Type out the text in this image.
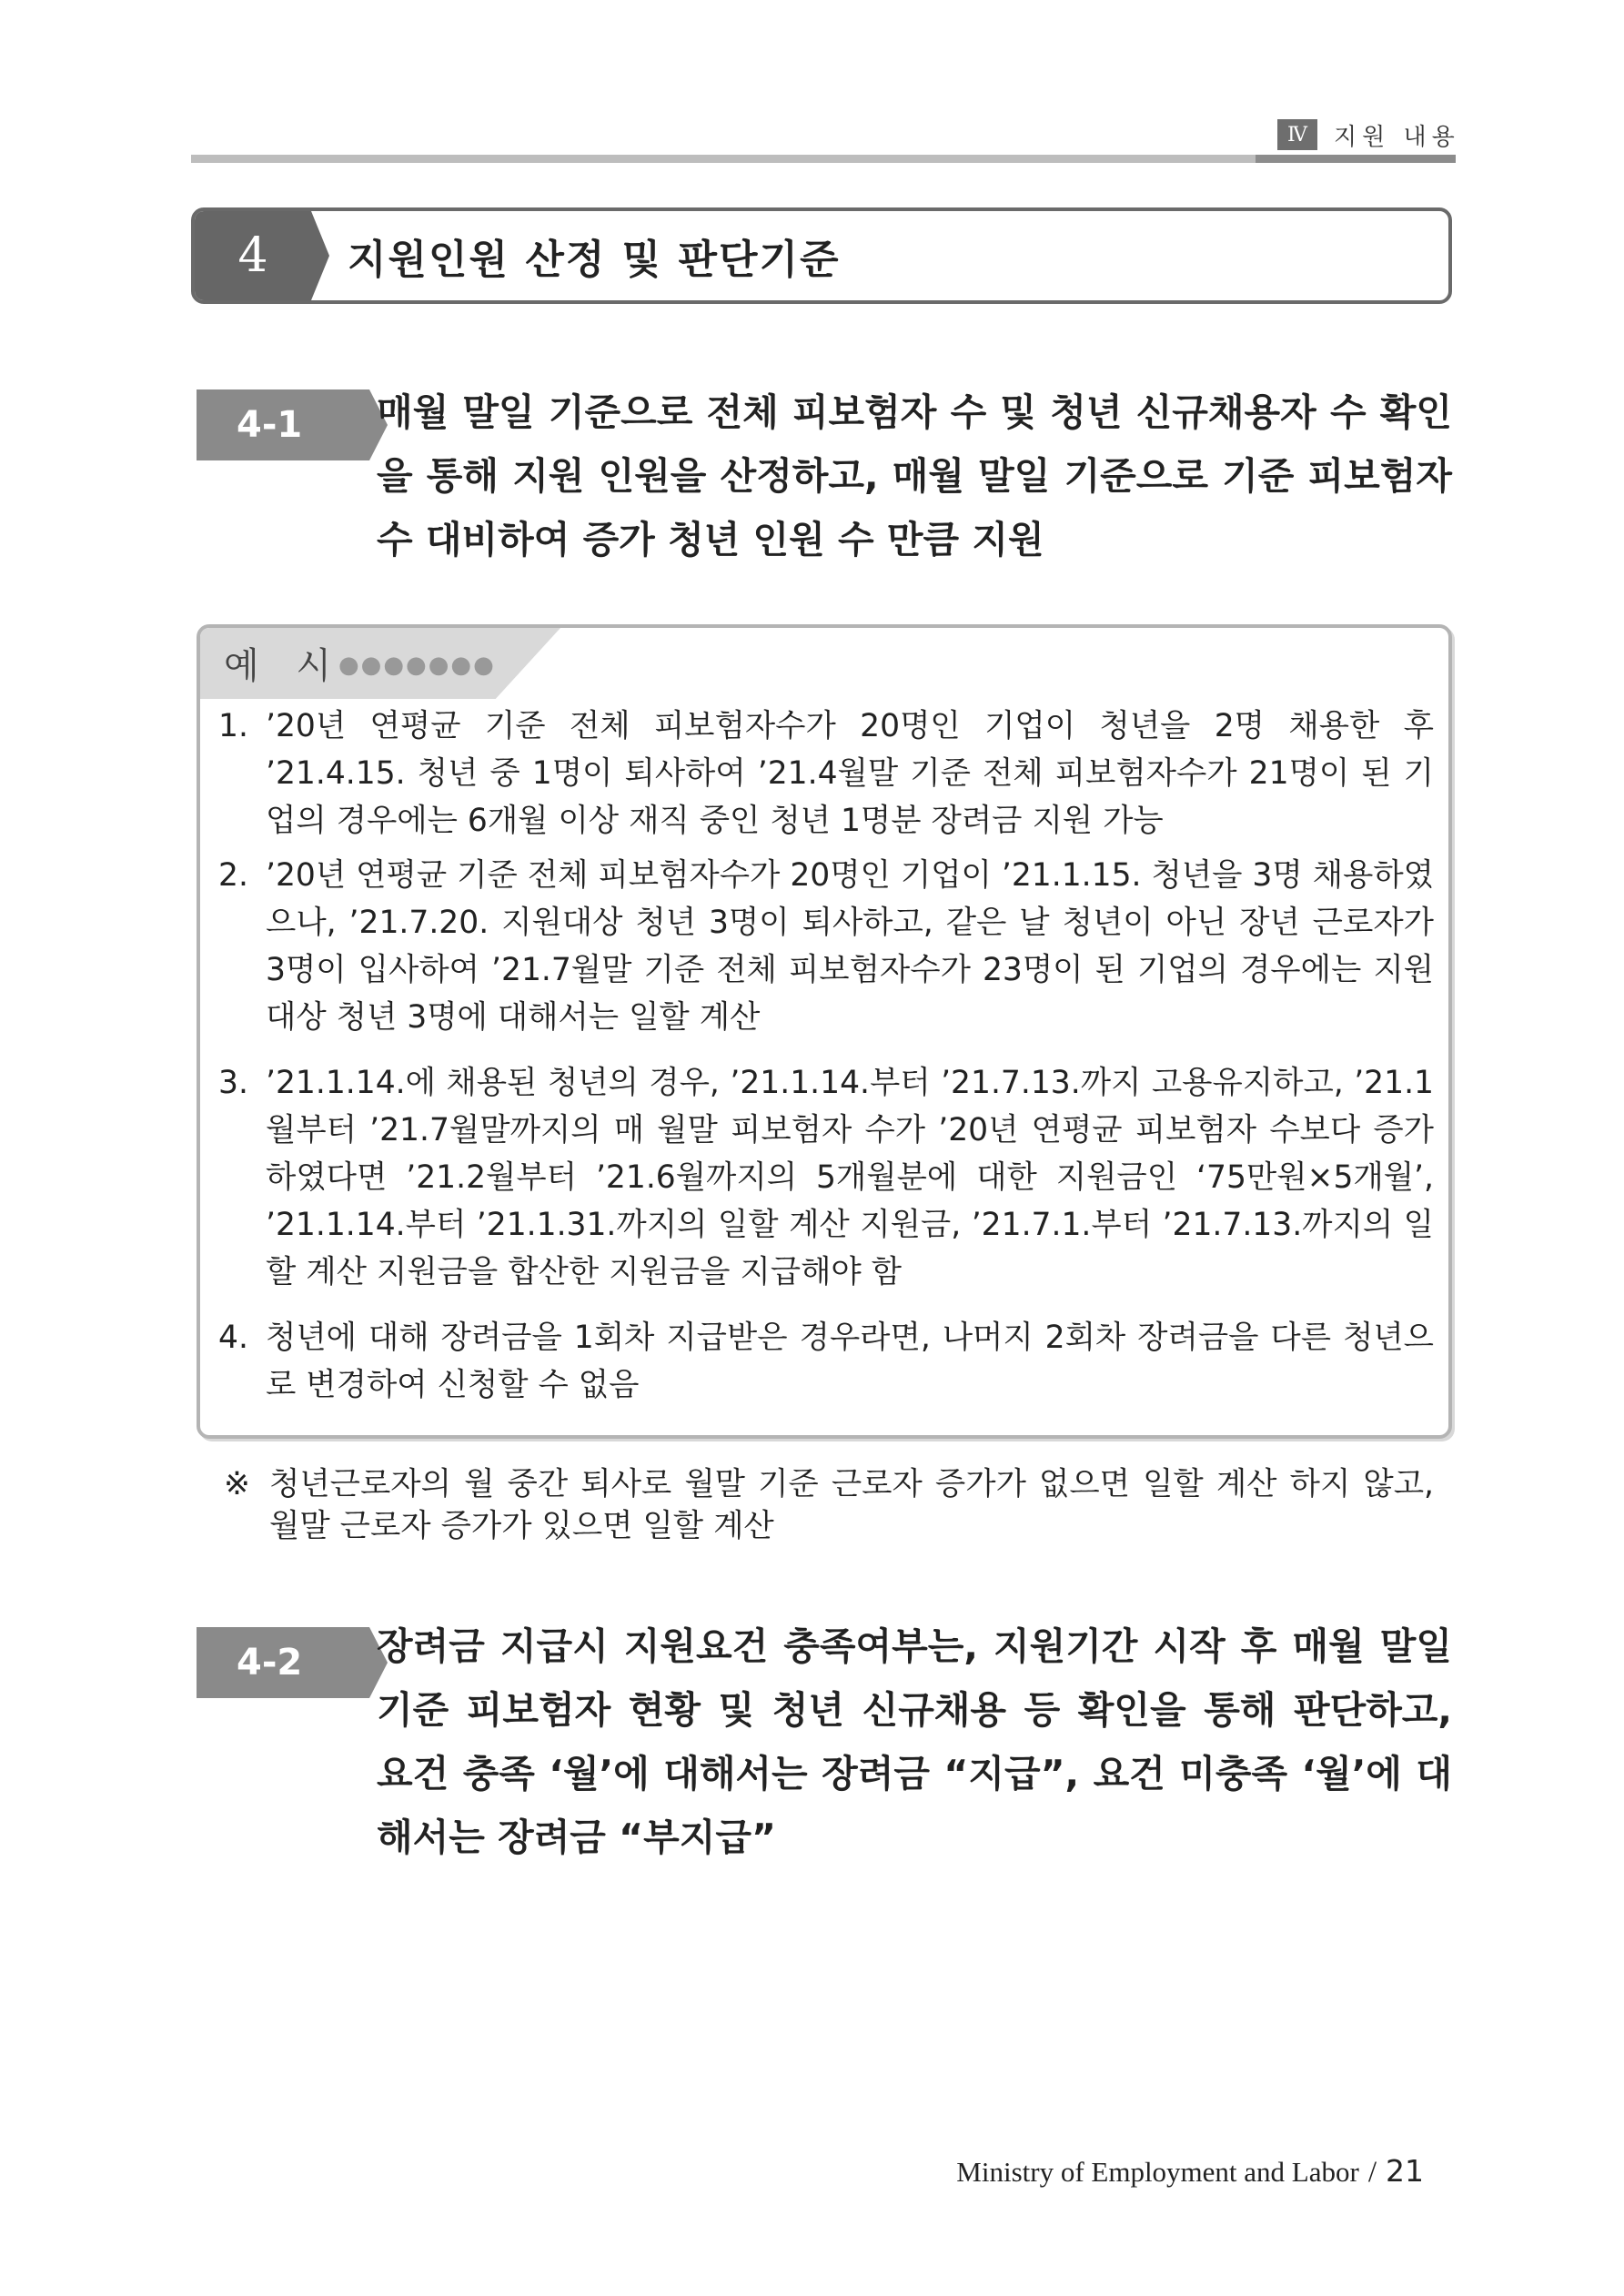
Ⅳ	지원 내용
4	지원인원 산정 및 판단기준
4-1	매월 말일 기준으로 전체 피보험자 수 및 청년 신규채용자 수 확인을 통해 지원 인원을 산정하고, 매월 말일 기준으로 기준 피보험자 수 대비하여 증가 청년 인원 수 만큼 지원
예 시
●●●●●●●
1. ’20년 연평균 기준 전체 피보험자수가 20명인 기업이 청년을 2명 채용한 후 ’21.4.15. 청년 중 1명이 퇴사하여 ’21.4월말 기준 전체 피보험자수가 21명이 된 기업의 경우에는 6개월 이상 재직 중인 청년 1명분 장려금 지원 가능
2. ’20년 연평균 기준 전체 피보험자수가 20명인 기업이 ’21.1.15. 청년을 3명 채용하였으나, ’21.7.20. 지원대상 청년 3명이 퇴사하고, 같은 날 청년이 아닌 장년 근로자가 3명이 입사하여 ’21.7월말 기준 전체 피보험자수가 23명이 된 기업의 경우에는 지원대상 청년 3명에 대해서는 일할 계산
3. ’21.1.14.에 채용된 청년의 경우, ’21.1.14.부터 ’21.7.13.까지 고용유지하고, ’21.1월부터 ’21.7월말까지의 매 월말 피보험자 수가 ’20년 연평균 피보험자 수보다 증가하였다면 ’21.2월부터 ’21.6월까지의 5개월분에 대한 지원금인 ‘75만원×5개월’, ’21.1.14.부터 ’21.1.31.까지의 일할 계산 지원금, ’21.7.1.부터 ’21.7.13.까지의 일할 계산 지원금을 합산한 지원금을 지급해야 함
4. 청년에 대해 장려금을 1회차 지급받은 경우라면, 나머지 2회차 장려금을 다른 청년으로 변경하여 신청할 수 없음
※ 청년근로자의 월 중간 퇴사로 월말 기준 근로자 증가가 없으면 일할 계산 하지 않고, 월말 근로자 증가가 있으면 일할 계산
4-2	장려금 지급시 지원요건 충족여부는, 지원기간 시작 후 매월 말일 기준 피보험자 현황 및 청년 신규채용 등 확인을 통해 판단하고, 요건 충족 ‘월’에 대해서는 장려금 “지급”, 요건 미충족 ‘월’에 대해서는 장려금 “부지급”
Ministry of Employment and Labor / 21
